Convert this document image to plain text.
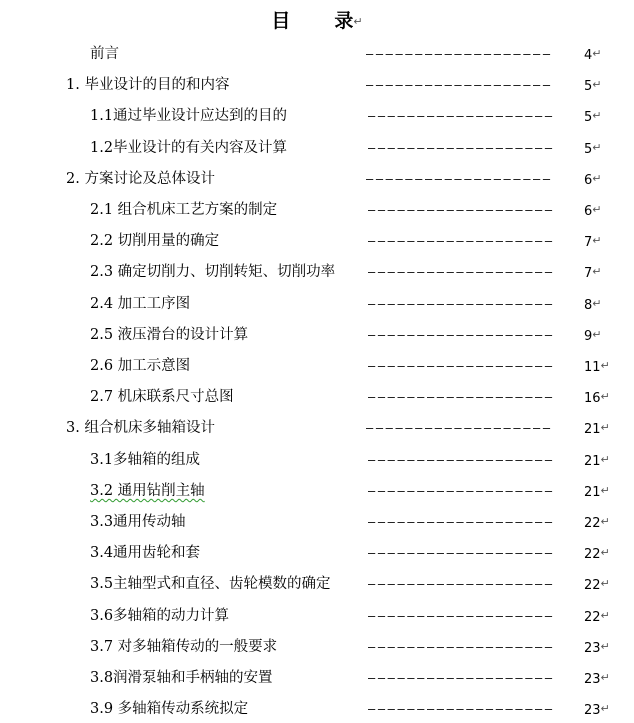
目 录↵
前言	———————————————————	4↵
1. 毕业设计的目的和内容	———————————————————	5↵
1.1通过毕业设计应达到的目的	———————————————————	5↵
1.2毕业设计的有关内容及计算	———————————————————	5↵
2. 方案讨论及总体设计	———————————————————	6↵
2.1 组合机床工艺方案的制定	———————————————————	6↵
2.2 切削用量的确定	———————————————————	7↵
2.3 确定切削力、切削转矩、切削功率	———————————————————	7↵
2.4 加工工序图	———————————————————	8↵
2.5 液压滑台的设计计算	———————————————————	9↵
2.6 加工示意图	———————————————————	11↵
2.7 机床联系尺寸总图	———————————————————	16↵
3. 组合机床多轴箱设计	———————————————————	21↵
3.1多轴箱的组成	———————————————————	21↵
3.2 通用钻削主轴	———————————————————	21↵
3.3通用传动轴	———————————————————	22↵
3.4通用齿轮和套	———————————————————	22↵
3.5主轴型式和直径、齿轮模数的确定	———————————————————	22↵
3.6多轴箱的动力计算	———————————————————	22↵
3.7 对多轴箱传动的一般要求	———————————————————	23↵
3.8润滑泵轴和手柄轴的安置	———————————————————	23↵
3.9 多轴箱传动系统拟定	———————————————————	23↵
